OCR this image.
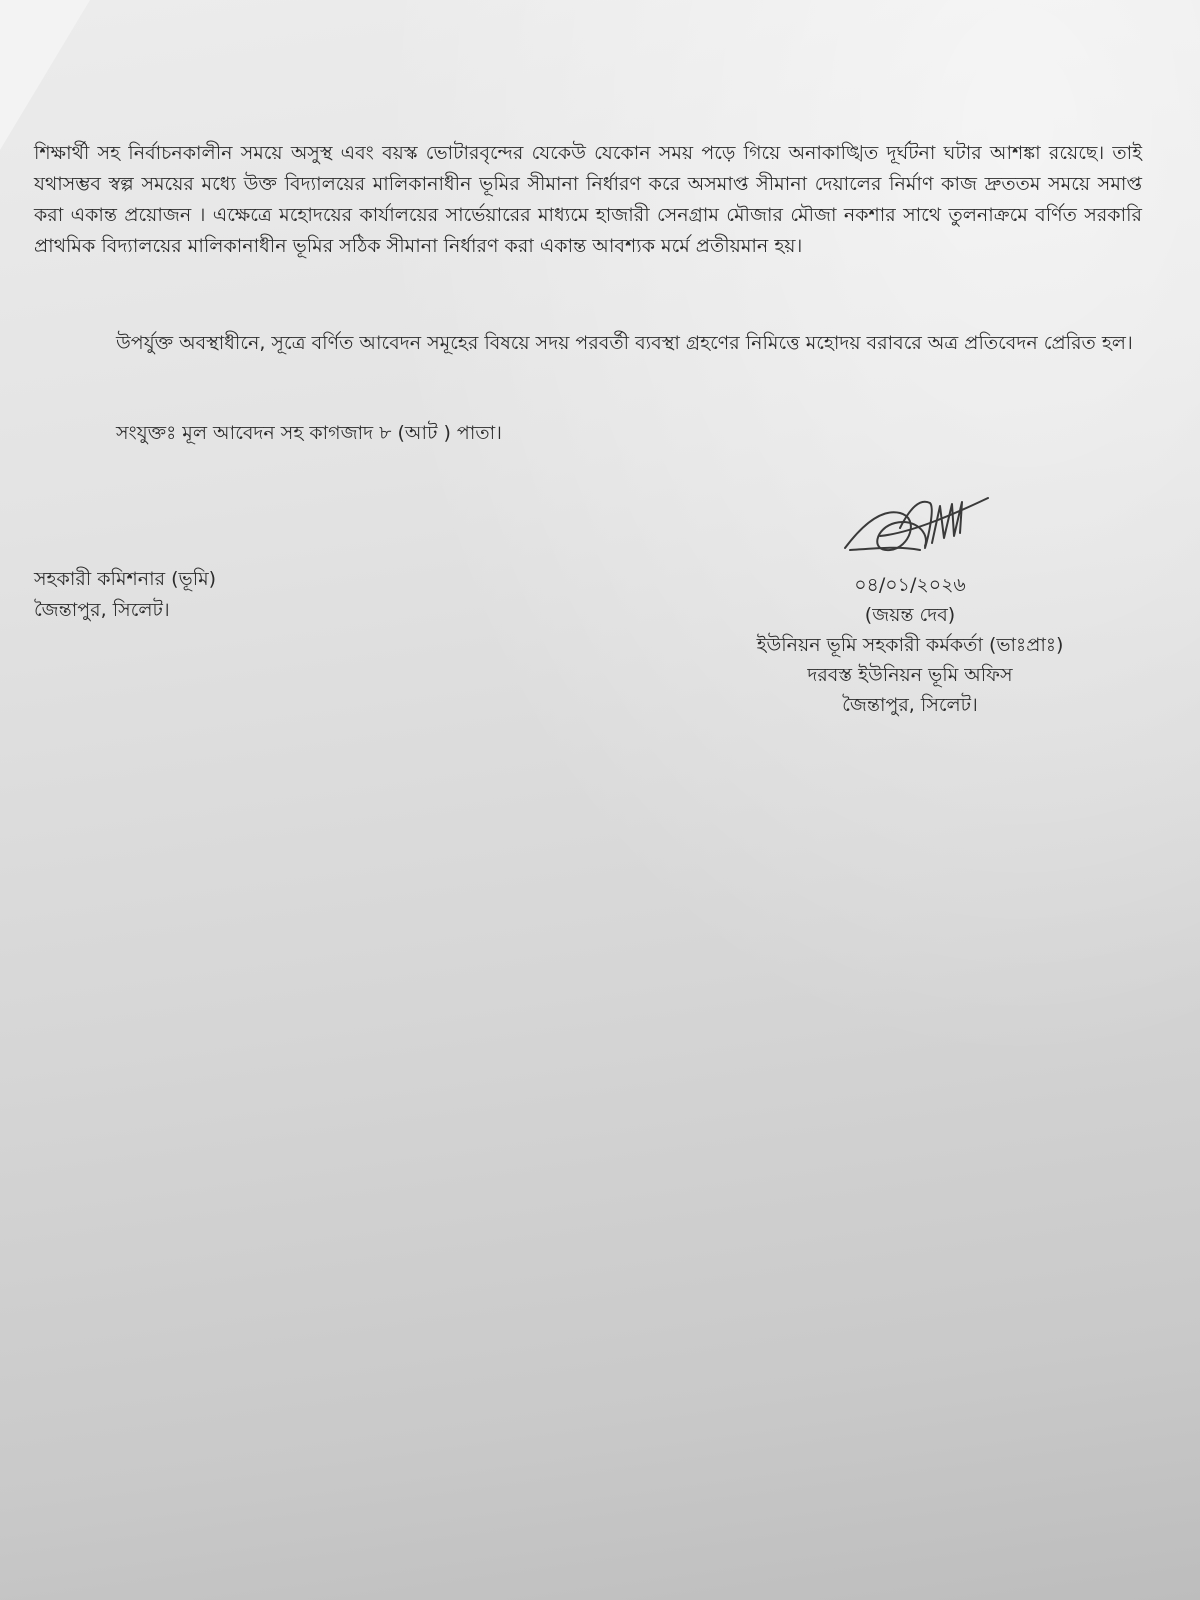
শিক্ষার্থী সহ নির্বাচনকালীন সময়ে অসুস্থ এবং বয়স্ক ভোটারবৃন্দের যেকেউ যেকোন সময় পড়ে গিয়ে অনাকাঙ্খিত দূর্ঘটনা ঘটার আশঙ্কা রয়েছে। তাই যথাসম্ভব স্বল্প সময়ের মধ্যে উক্ত বিদ্যালয়ের মালিকানাধীন ভূমির সীমানা নির্ধারণ করে অসমাপ্ত সীমানা দেয়ালের নির্মাণ কাজ দ্রুততম সময়ে সমাপ্ত করা একান্ত প্রয়োজন । এক্ষেত্রে মহোদয়ের কার্যালয়ের সার্ভেয়ারের মাধ্যমে হাজারী সেনগ্রাম মৌজার মৌজা নকশার সাথে তুলনাক্রমে বর্ণিত সরকারি প্রাথমিক বিদ্যালয়ের মালিকানাধীন ভূমির সঠিক সীমানা নির্ধারণ করা একান্ত আবশ্যক মর্মে প্রতীয়মান হয়।

উপর্যুক্ত অবস্থাধীনে, সূত্রে বর্ণিত আবেদন সমূহের বিষয়ে সদয় পরবর্তী ব্যবস্থা গ্রহণের নিমিত্তে মহোদয় বরাবরে অত্র প্রতিবেদন প্রেরিত হল।

সংযুক্তঃ মূল আবেদন সহ কাগজাদ ৮ (আট ) পাতা।
সহকারী কমিশনার (ভূমি)
জৈন্তাপুর, সিলেট।
০৪/০১/২০২৬
(জয়ন্ত দেব)
ইউনিয়ন ভূমি সহকারী কর্মকর্তা (ভাঃপ্রাঃ)
দরবস্ত ইউনিয়ন ভূমি অফিস
জৈন্তাপুর, সিলেট।
